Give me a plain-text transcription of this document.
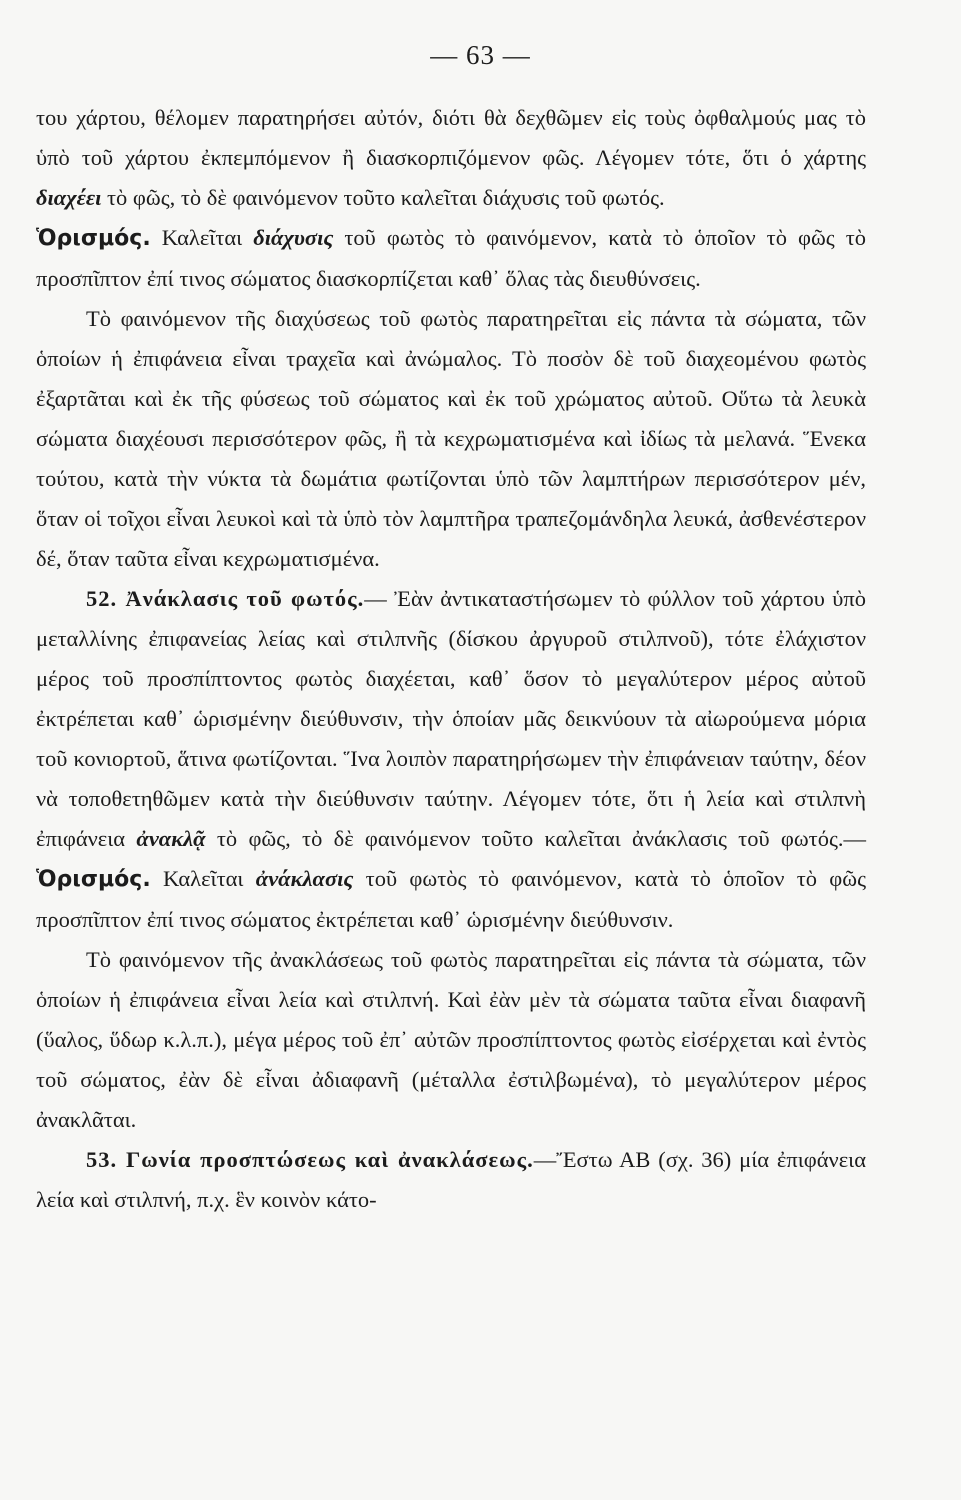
— 63 —

του χάρτου, θέλομεν παρατηρήσει αὐτόν, διότι θὰ δεχθῶμεν εἰς τοὺς ὀφθαλμούς μας τὸ ὑπὸ τοῦ χάρτου ἐκπεμπόμενον ἢ διασκορπιζόμενον φῶς. Λέγομεν τότε, ὅτι ὁ χάρτης διαχέει τὸ φῶς, τὸ δὲ φαινόμενον τοῦτο καλεῖται διάχυσις τοῦ φωτός.

Ὁρισμός. Καλεῖται διάχυσις τοῦ φωτὸς τὸ φαινόμενον, κατὰ τὸ ὁποῖον τὸ φῶς τὸ προσπῖπτον ἐπί τινος σώματος διασκορπίζεται καθ᾽ ὅλας τὰς διευθύνσεις.

Τὸ φαινόμενον τῆς διαχύσεως τοῦ φωτὸς παρατηρεῖται εἰς πάντα τὰ σώματα, τῶν ὁποίων ἡ ἐπιφάνεια εἶναι τραχεῖα καὶ ἀνώμαλος. Τὸ ποσὸν δὲ τοῦ διαχεομένου φωτὸς ἐξαρτᾶται καὶ ἐκ τῆς φύσεως τοῦ σώματος καὶ ἐκ τοῦ χρώματος αὐτοῦ. Οὕτω τὰ λευκὰ σώματα διαχέουσι περισσότερον φῶς, ἢ τὰ κεχρωματισμένα καὶ ἰδίως τὰ μελανά. Ἕνεκα τούτου, κατὰ τὴν νύκτα τὰ δωμάτια φωτίζονται ὑπὸ τῶν λαμπτήρων περισσότερον μέν, ὅταν οἱ τοῖχοι εἶναι λευκοὶ καὶ τὰ ὑπὸ τὸν λαμπτῆρα τραπεζομάνδηλα λευκά, ἀσθενέστερον δέ, ὅταν ταῦτα εἶναι κεχρωματισμένα.

52. Ἀνάκλασις τοῦ φωτός.— Ἐὰν ἀντικαταστήσωμεν τὸ φύλλον τοῦ χάρτου ὑπὸ μεταλλίνης ἐπιφανείας λείας καὶ στιλπνῆς (δίσκου ἀργυροῦ στιλπνοῦ), τότε ἐλάχιστον μέρος τοῦ προσπίπτοντος φωτὸς διαχέεται, καθ᾽ ὅσον τὸ μεγαλύτερον μέρος αὐτοῦ ἐκτρέπεται καθ᾽ ὡρισμένην διεύθυνσιν, τὴν ὁποίαν μᾶς δεικνύουν τὰ αἰωρούμενα μόρια τοῦ κονιορτοῦ, ἅτινα φωτίζονται. Ἵνα λοιπὸν παρατηρήσωμεν τὴν ἐπιφάνειαν ταύτην, δέον νὰ τοποθετηθῶμεν κατὰ τὴν διεύθυνσιν ταύτην. Λέγομεν τότε, ὅτι ἡ λεία καὶ στιλπνὴ ἐπιφάνεια ἀνακλᾷ τὸ φῶς, τὸ δὲ φαινόμενον τοῦτο καλεῖται ἀνάκλασις τοῦ φωτός.—Ὁρισμός. Καλεῖται ἀνάκλασις τοῦ φωτὸς τὸ φαινόμενον, κατὰ τὸ ὁποῖον τὸ φῶς προσπῖπτον ἐπί τινος σώματος ἐκτρέπεται καθ᾽ ὡρισμένην διεύθυνσιν.

Τὸ φαινόμενον τῆς ἀνακλάσεως τοῦ φωτὸς παρατηρεῖται εἰς πάντα τὰ σώματα, τῶν ὁποίων ἡ ἐπιφάνεια εἶναι λεία καὶ στιλπνή. Καὶ ἐὰν μὲν τὰ σώματα ταῦτα εἶναι διαφανῆ (ὕαλος, ὕδωρ κ.λ.π.), μέγα μέρος τοῦ ἐπ᾽ αὐτῶν προσπίπτοντος φωτὸς εἰσέρχεται καὶ ἐντὸς τοῦ σώματος, ἐὰν δὲ εἶναι ἀδιαφανῆ (μέταλλα ἐστιλβωμένα), τὸ μεγαλύτερον μέρος ἀνακλᾶται.

53. Γωνία προσπτώσεως καὶ ἀνακλάσεως.—Ἔστω ΑΒ (σχ. 36) μία ἐπιφάνεια λεία καὶ στιλπνή, π.χ. ἓν κοινὸν κάτο-
